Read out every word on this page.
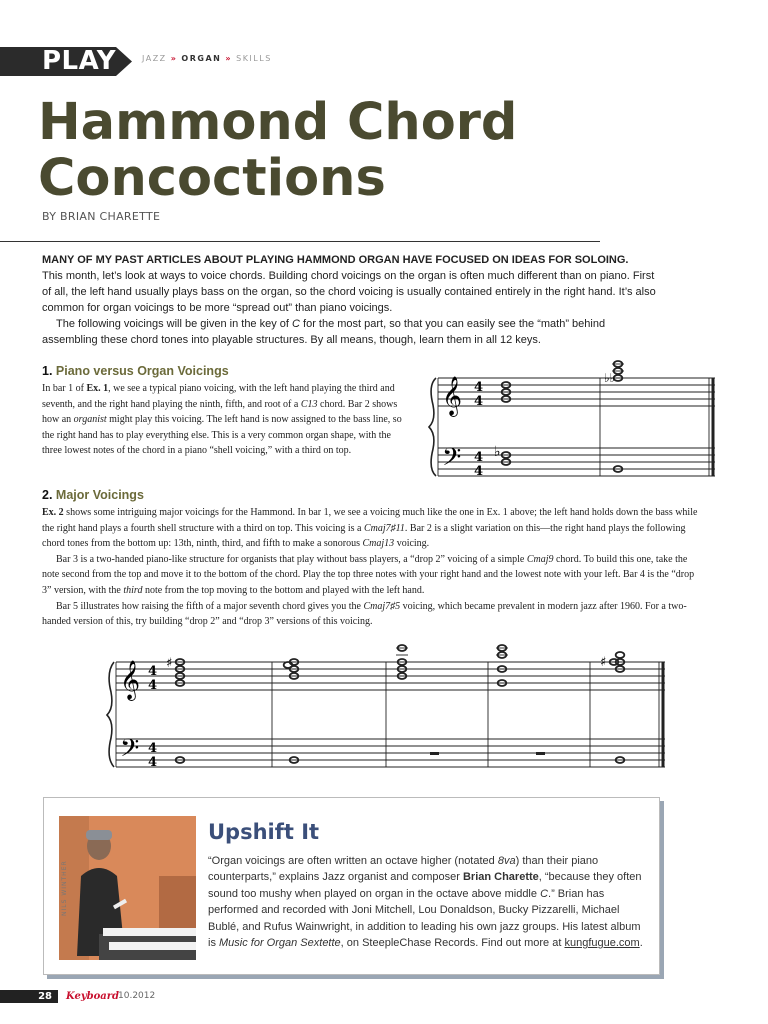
PLAY	JAZZ » ORGAN » SKILLS
Hammond Chord
Concoctions
BY BRIAN CHARETTE

MANY OF MY PAST ARTICLES ABOUT PLAYING HAMMOND ORGAN HAVE FOCUSED ON IDEAS FOR SOLOING.
This month, let’s look at ways to voice chords. Building chord voicings on the organ is often much different than on piano. First of all, the left hand usually plays bass on the organ, so the chord voicing is usually contained entirely in the right hand. It’s also common for organ voicings to be more “spread out” than piano voicings.

The following voicings will be given in the key of C for the most part, so that you can easily see the “math” behind assembling these chord tones into playable structures. By all means, though, learn them in all 12 keys.

1. Piano versus Organ Voicings

In bar 1 of Ex. 1, we see a typical piano voicing, with the left hand playing the third and seventh, and the right hand playing the ninth, fifth, and root of a C13 chord. Bar 2 shows how an organist might play this voicing. The left hand is now assigned to the bass line, so the right hand has to play everything else. This is a very common organ shape, with the three lowest notes of the chord in a piano “shell voicing,” with a third on top.

𝄞
𝄢
4
4
4
4
♭
♭♭
2. Major Voicings

Ex. 2 shows some intriguing major voicings for the Hammond. In bar 1, we see a voicing much like the one in Ex. 1 above; the left hand holds down the bass while the right hand plays a fourth shell structure with a third on top. This voicing is a Cmaj7♯11. Bar 2 is a slight variation on this—the right hand plays the following chord tones from the bottom up: 13th, ninth, third, and fifth to make a sonorous Cmaj13 voicing.

Bar 3 is a two-handed piano-like structure for organists that play without bass players, a “drop 2” voicing of a simple Cmaj9 chord. To build this one, take the note second from the top and move it to the bottom of the chord. Play the top three notes with your right hand and the lowest note with your left. Bar 4 is the “drop 3” version, with the third note from the top moving to the bottom and played with the left hand.

Bar 5 illustrates how raising the fifth of a major seventh chord gives you the Cmaj7♯5 voicing, which became prevalent in modern jazz after 1960. For a two-handed version of this, try building “drop 2” and “drop 3” versions of this voicing.

𝄞
𝄢
4
4
4
4
♯	♯
NILS WINTHER
Upshift It
“Organ voicings are often written an octave higher (notated 8va) than their piano counterparts,” explains Jazz organist and composer Brian Charette, “because they often sound too mushy when played on organ in the octave above middle C.” Brian has performed and recorded with Joni Mitchell, Lou Donaldson, Bucky Pizzarelli, Michael Bublé, and Rufus Wainwright, in addition to leading his own jazz groups. His latest album is Music for Organ Sextette, on SteepleChase Records. Find out more at kungfugue.com.
28	Keyboard
10.2012
